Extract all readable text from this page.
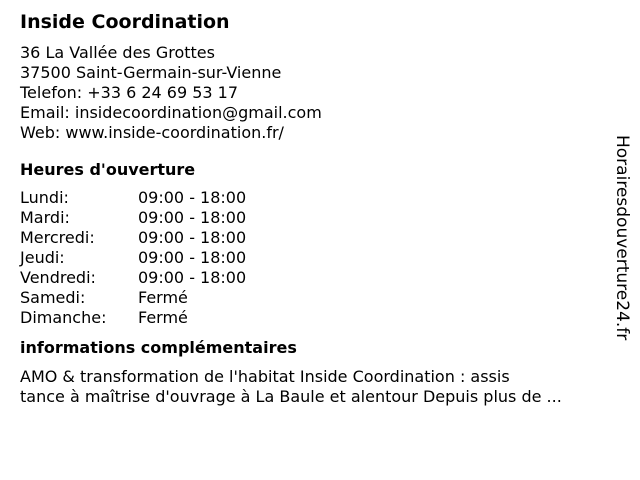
Inside Coordination
36 La Vallée des Grottes
37500 Saint-Germain-sur-Vienne
Telefon: +33 6 24 69 53 17
Email: insidecoordination@gmail.com
Web: www.inside-coordination.fr/
Heures d'ouverture
Lundi:	09:00 - 18:00
Mardi:	09:00 - 18:00
Mercredi:	09:00 - 18:00
Jeudi:	09:00 - 18:00
Vendredi:	09:00 - 18:00
Samedi:	Fermé
Dimanche:	Fermé
informations complémentaires
AMO & transformation de l'habitat Inside Coordination : assis
tance à maîtrise d'ouvrage à La Baule et alentour Depuis plus de ...
Horairesdouverture24.fr
